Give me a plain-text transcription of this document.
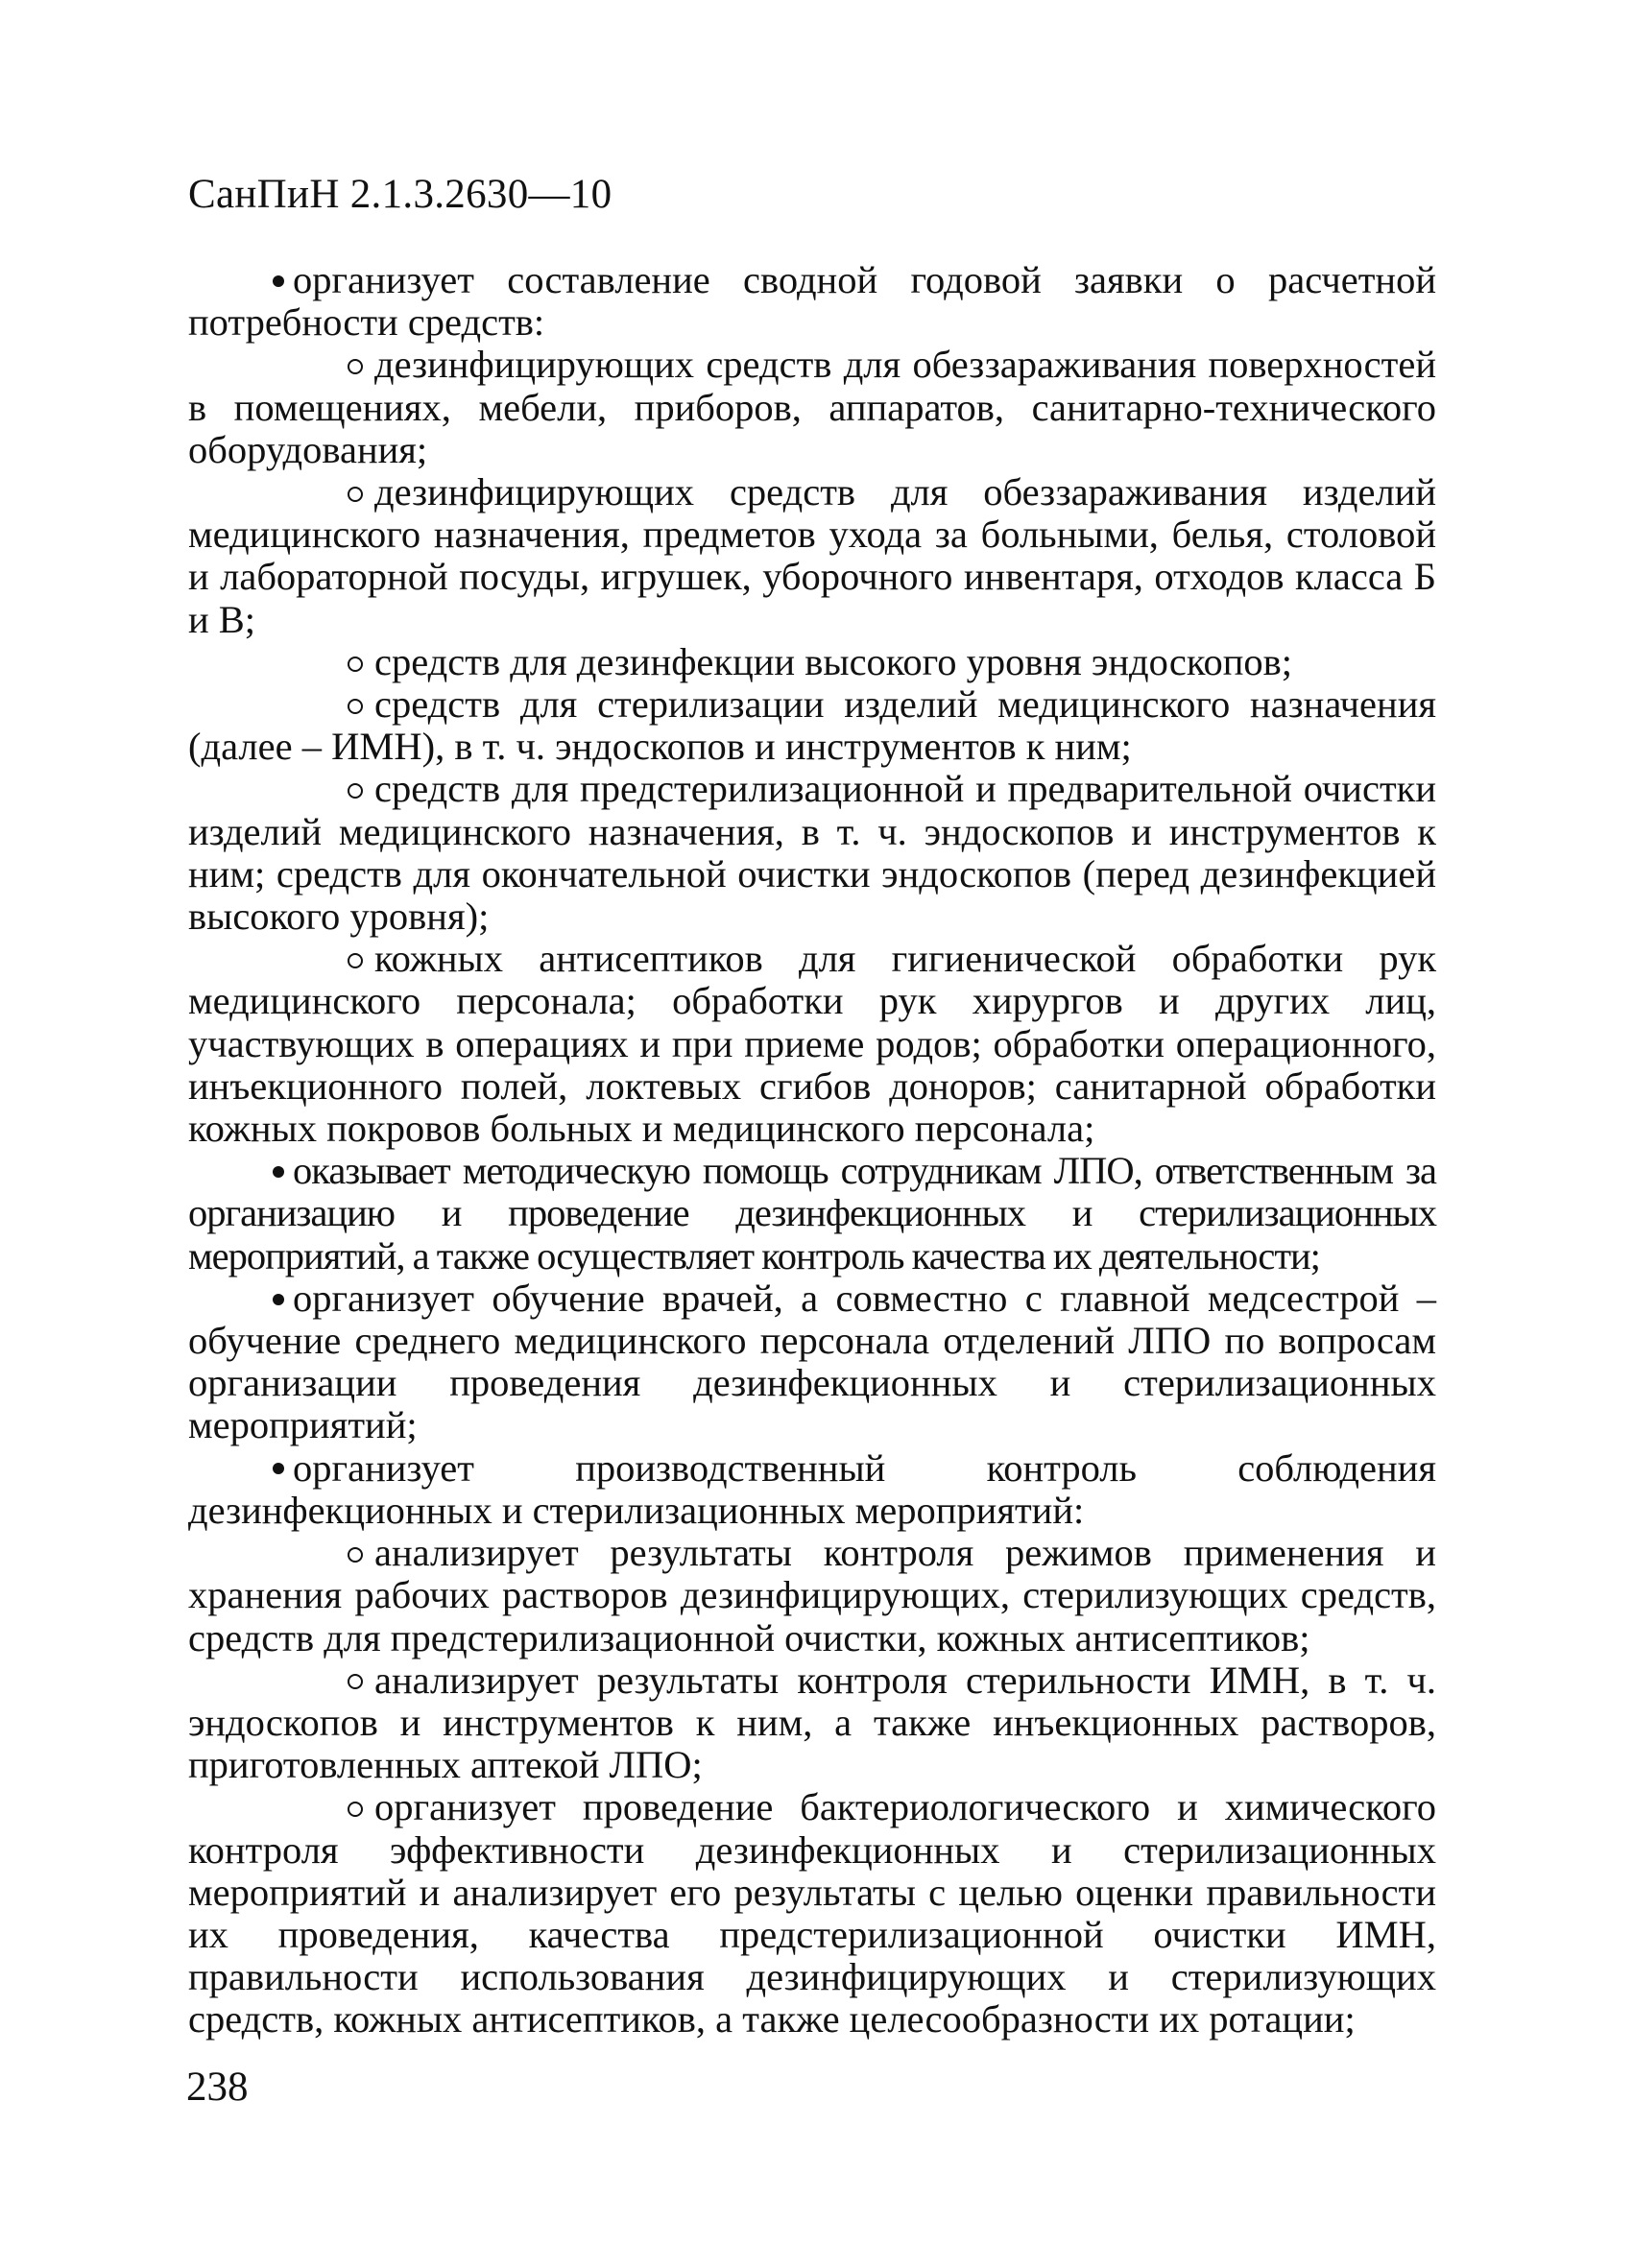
СанПиН 2.1.3.2630—10

организует составление сводной годовой заявки о расчетной потребности средств:

дезинфицирующих средств для обеззараживания поверхностей в помещениях, мебели, приборов, аппаратов, санитарно-технического оборудования;

дезинфицирующих средств для обеззараживания изделий медицинского назначения, предметов ухода за больными, белья, столовой и лабораторной посуды, игрушек, уборочного инвентаря, отходов класса Б и В;

средств для дезинфекции высокого уровня эндоскопов;

средств для стерилизации изделий медицинского назначения (далее – ИМН), в т. ч. эндоскопов и инструментов к ним;

средств для предстерилизационной и предварительной очистки изделий медицинского назначения, в т. ч. эндоскопов и инструментов к ним; средств для окончательной очистки эндоскопов (перед дезинфекцией высокого уровня);

кожных антисептиков для гигиенической обработки рук медицинского персонала; обработки рук хирургов и других лиц, участвующих в операциях и при приеме родов; обработки операционного, инъекционного полей, локтевых сгибов доноров; санитарной обработки кожных покровов больных и медицинского персонала;

оказывает методическую помощь сотрудникам ЛПО, ответственным за организацию и проведение дезинфекционных и стерилизационных мероприятий, а также осуществляет контроль качества их деятельности;

организует обучение врачей, а совместно с главной медсестрой – обучение среднего медицинского персонала отделений ЛПО по вопросам организации проведения дезинфекционных и стерилизационных мероприятий;

организует производственный контроль соблюдения дезинфекционных и стерилизационных мероприятий:

анализирует результаты контроля режимов применения и хранения рабочих растворов дезинфицирующих, стерилизующих средств, средств для предстерилизационной очистки, кожных антисептиков;

анализирует результаты контроля стерильности ИМН, в т. ч. эндоскопов и инструментов к ним, а также инъекционных растворов, приготовленных аптекой ЛПО;

организует проведение бактериологического и химического контроля эффективности дезинфекционных и стерилизационных мероприятий и анализирует его результаты с целью оценки правильности их проведения, качества предстерилизационной очистки ИМН, правильности использования дезинфицирующих и стерилизующих средств, кожных антисептиков, а также целесообразности их ротации;

238
